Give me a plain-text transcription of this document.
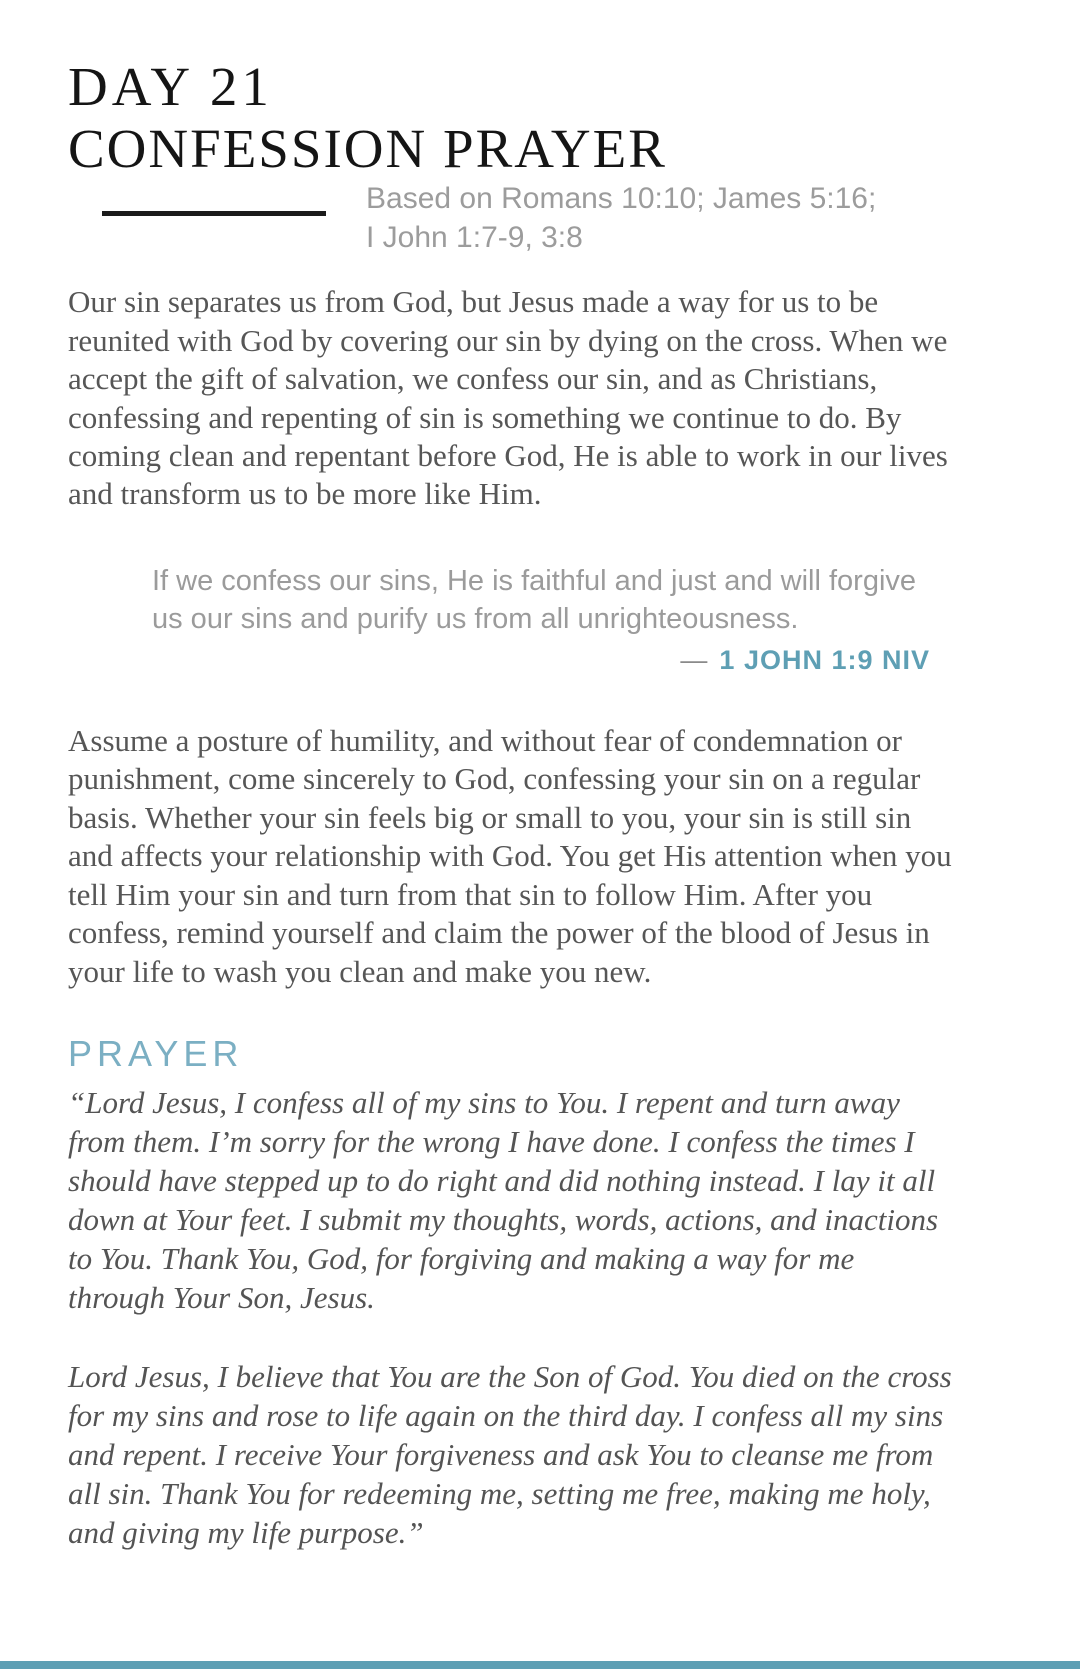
DAY 21
CONFESSION PRAYER
Based on Romans 10:10; James 5:16;
I John 1:7-9, 3:8

Our sin separates us from God, but Jesus made a way for us to be reunited with God by covering our sin by dying on the cross. When we accept the gift of salvation, we confess our sin, and as Christians, confessing and repenting of sin is something we continue to do. By coming clean and repentant before God, He is able to work in our lives and transform us to be more like Him.

If we confess our sins, He is faithful and just and will forgive us our sins and purify us from all unrighteousness.

— 1 JOHN 1:9 NIV

Assume a posture of humility, and without fear of condemnation or punishment, come sincerely to God, confessing your sin on a regular basis. Whether your sin feels big or small to you, your sin is still sin and affects your relationship with God. You get His attention when you tell Him your sin and turn from that sin to follow Him. After you confess, remind yourself and claim the power of the blood of Jesus in your life to wash you clean and make you new.

PRAYER

“Lord Jesus, I confess all of my sins to You. I repent and turn away from them. I’m sorry for the wrong I have done. I confess the times I should have stepped up to do right and did nothing instead. I lay it all down at Your feet. I submit my thoughts, words, actions, and inactions to You. Thank You, God, for forgiving and making a way for me through Your Son, Jesus.

Lord Jesus, I believe that You are the Son of God. You died on the cross for my sins and rose to life again on the third day. I confess all my sins and repent. I receive Your forgiveness and ask You to cleanse me from all sin. Thank You for redeeming me, setting me free, making me holy, and giving my life purpose.”
